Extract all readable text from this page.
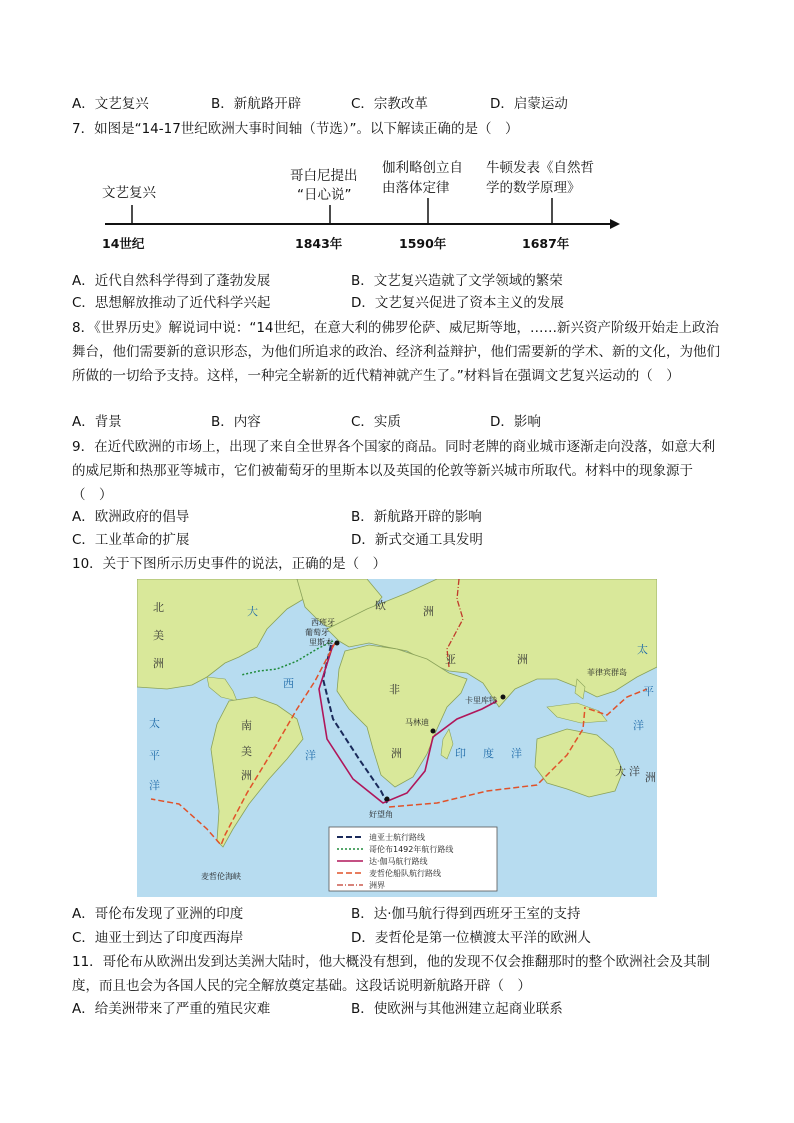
A．文艺复兴	B．新航路开辟	C．宗教改革	D．启蒙运动
7．如图是“14-17世纪欧洲大事时间轴（节选）”。以下解读正确的是（　）
文艺复兴
14世纪
哥白尼提出
“日心说”
1843年
伽利略创立自
由落体定律
1590年
牛顿发表《自然哲
学的数学原理》
1687年
A．近代自然科学得到了蓬勃发展	B．文艺复兴造就了文学领域的繁荣
C．思想解放推动了近代科学兴起	D．文艺复兴促进了资本主义的发展
8．《世界历史》解说词中说：“14世纪，在意大利的佛罗伦萨、威尼斯等地，……新兴资产阶级开始走上政治舞台，他们需要新的意识形态，为他们所追求的政治、经济利益辩护，他们需要新的学术、新的文化，为他们所做的一切给予支持。这样，一种完全崭新的近代精神就产生了。”材料旨在强调文艺复兴运动的（　）
A．背景	B．内容	C．实质	D．影响
9．在近代欧洲的市场上，出现了来自全世界各个国家的商品。同时老牌的商业城市逐渐走向没落，如意大利的威尼斯和热那亚等城市，它们被葡萄牙的里斯本以及英国的伦敦等新兴城市所取代。材料中的现象源于（　）
A．欧洲政府的倡导	B．新航路开辟的影响
C．工业革命的扩展	D．新式交通工具发明
10．关于下图所示历史事件的说法，正确的是（　）
北
美
洲
太
平
洋
大
西
洋
欧	洲
亚	洲
非
洲
南
美
洲
印 度 洋
太
平
洋
大 洋 洲
西班牙
葡萄牙
里斯本
卡里库特
马林迪
好望角
菲律宾群岛
麦哲伦海峡
迪亚士航行路线
哥伦布1492年航行路线
达·伽马航行路线
麦哲伦船队航行路线
洲界
A．哥伦布发现了亚洲的印度	B．达·伽马航行得到西班牙王室的支持
C．迪亚士到达了印度西海岸	D．麦哲伦是第一位横渡太平洋的欧洲人
11．哥伦布从欧洲出发到达美洲大陆时，他大概没有想到，他的发现不仅会推翻那时的整个欧洲社会及其制度，而且也会为各国人民的完全解放奠定基础。这段话说明新航路开辟（　）
A．给美洲带来了严重的殖民灾难	B．使欧洲与其他洲建立起商业联系
